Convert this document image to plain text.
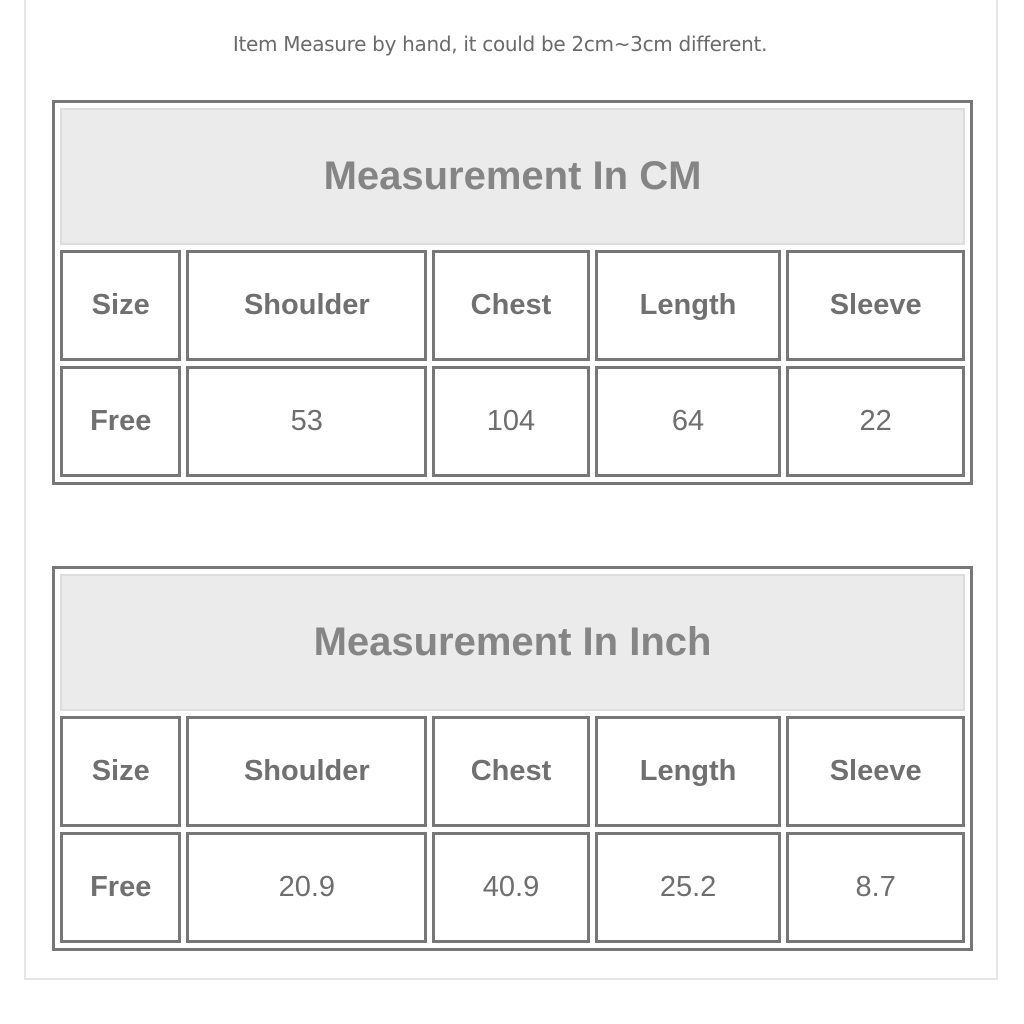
Item Measure by hand, it could be 2cm~3cm different.
Measurement In CM				
Size	Shoulder	Chest	Length	Sleeve
Free	53	104	64	22
Measurement In Inch				
Size	Shoulder	Chest	Length	Sleeve
Free	20.9	40.9	25.2	8.7
